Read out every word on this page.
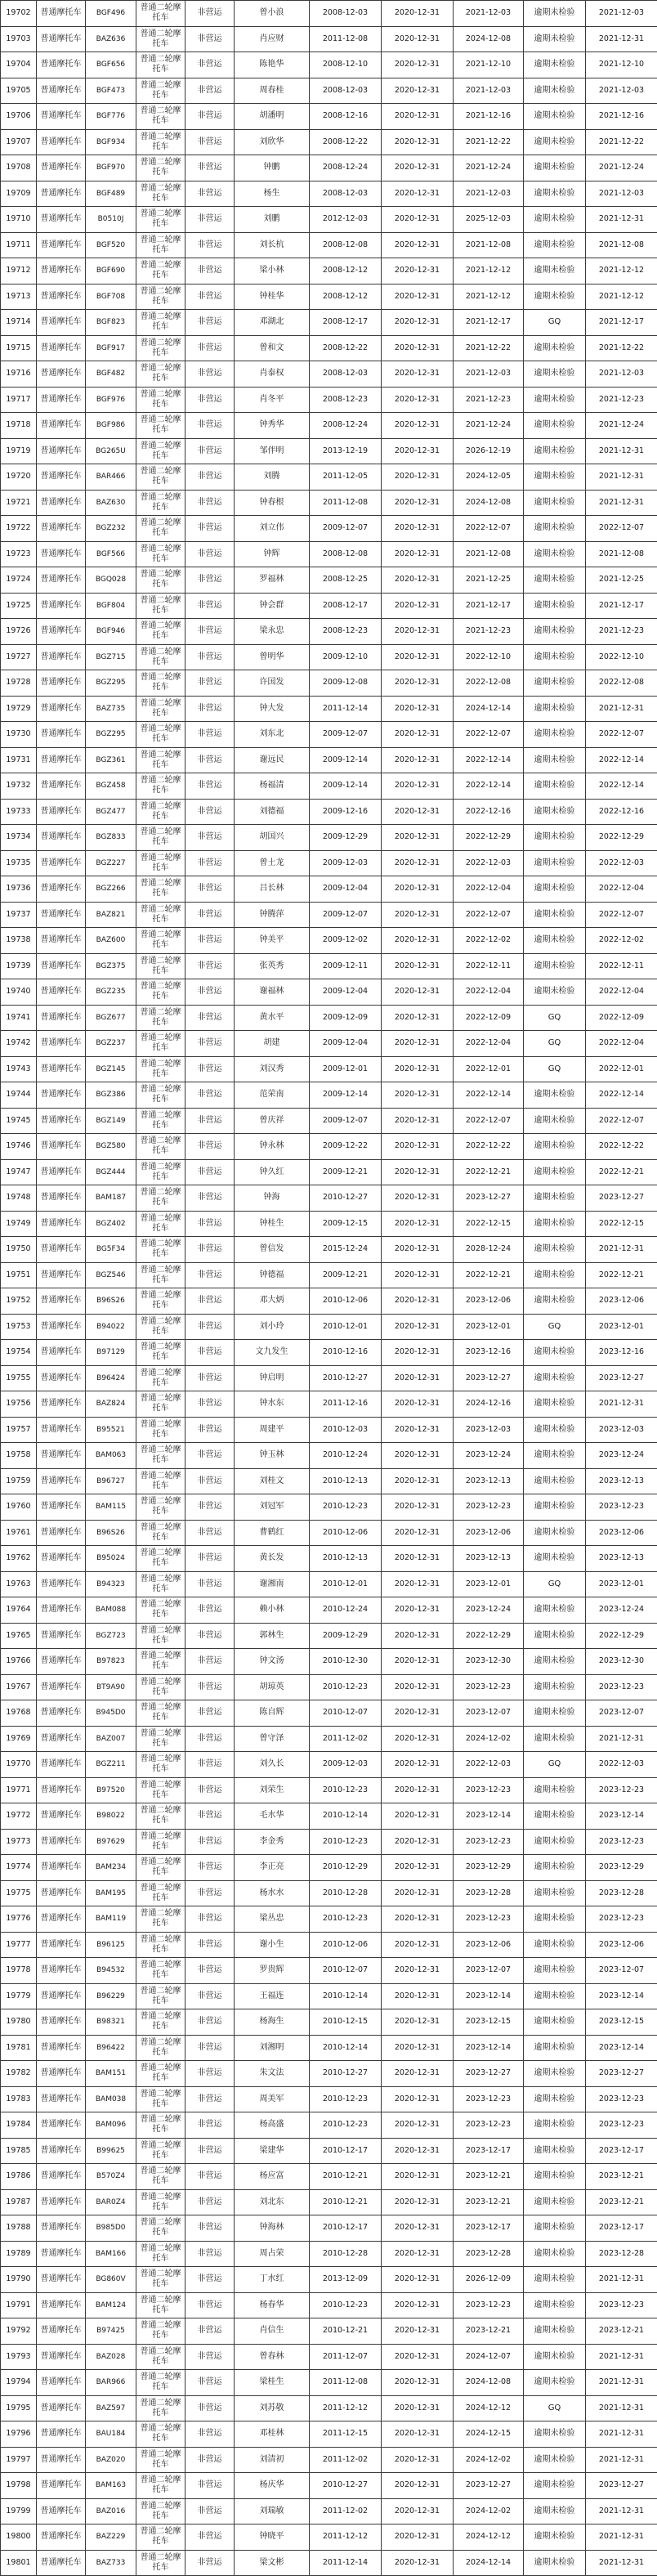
19702	普通摩托车	BGF496	普通二轮摩托车	非营运	曾小浪	2008-12-03	2020-12-31	2021-12-03	逾期未检验	2021-12-03
19703	普通摩托车	BAZ636	普通二轮摩托车	非营运	肖应财	2011-12-08	2020-12-31	2024-12-08	逾期未检验	2021-12-31
19704	普通摩托车	BGF656	普通二轮摩托车	非营运	陈艳华	2008-12-10	2020-12-31	2021-12-10	逾期未检验	2021-12-10
19705	普通摩托车	BGF473	普通二轮摩托车	非营运	周春桂	2008-12-03	2020-12-31	2021-12-03	逾期未检验	2021-12-03
19706	普通摩托车	BGF776	普通二轮摩托车	非营运	胡潘明	2008-12-16	2020-12-31	2021-12-16	逾期未检验	2021-12-16
19707	普通摩托车	BGF934	普通二轮摩托车	非营运	刘欣华	2008-12-22	2020-12-31	2021-12-22	逾期未检验	2021-12-22
19708	普通摩托车	BGF970	普通二轮摩托车	非营运	钟鹏	2008-12-24	2020-12-31	2021-12-24	逾期未检验	2021-12-24
19709	普通摩托车	BGF489	普通二轮摩托车	非营运	杨生	2008-12-03	2020-12-31	2021-12-03	逾期未检验	2021-12-03
19710	普通摩托车	B0510J	普通二轮摩托车	非营运	刘鹏	2012-12-03	2020-12-31	2025-12-03	逾期未检验	2021-12-31
19711	普通摩托车	BGF520	普通二轮摩托车	非营运	刘长杭	2008-12-08	2020-12-31	2021-12-08	逾期未检验	2021-12-08
19712	普通摩托车	BGF690	普通二轮摩托车	非营运	梁小林	2008-12-12	2020-12-31	2021-12-12	逾期未检验	2021-12-12
19713	普通摩托车	BGF708	普通二轮摩托车	非营运	钟桂华	2008-12-12	2020-12-31	2021-12-12	逾期未检验	2021-12-12
19714	普通摩托车	BGF823	普通二轮摩托车	非营运	邓湖北	2008-12-17	2020-12-31	2021-12-17	GQ	2021-12-17
19715	普通摩托车	BGF917	普通二轮摩托车	非营运	曾和文	2008-12-22	2020-12-31	2021-12-22	逾期未检验	2021-12-22
19716	普通摩托车	BGF482	普通二轮摩托车	非营运	肖泰权	2008-12-03	2020-12-31	2021-12-03	逾期未检验	2021-12-03
19717	普通摩托车	BGF976	普通二轮摩托车	非营运	肖冬平	2008-12-23	2020-12-31	2021-12-23	逾期未检验	2021-12-23
19718	普通摩托车	BGF986	普通二轮摩托车	非营运	钟秀华	2008-12-24	2020-12-31	2021-12-24	逾期未检验	2021-12-24
19719	普通摩托车	BG265U	普通二轮摩托车	非营运	邹伴明	2013-12-19	2020-12-31	2026-12-19	逾期未检验	2021-12-31
19720	普通摩托车	BAR466	普通二轮摩托车	非营运	刘腾	2011-12-05	2020-12-31	2024-12-05	逾期未检验	2021-12-31
19721	普通摩托车	BAZ630	普通二轮摩托车	非营运	钟春根	2011-12-08	2020-12-31	2024-12-08	逾期未检验	2021-12-31
19722	普通摩托车	BGZ232	普通二轮摩托车	非营运	刘立伟	2009-12-07	2020-12-31	2022-12-07	逾期未检验	2022-12-07
19723	普通摩托车	BGF566	普通二轮摩托车	非营运	钟辉	2008-12-08	2020-12-31	2021-12-08	逾期未检验	2021-12-08
19724	普通摩托车	BGQ028	普通二轮摩托车	非营运	罗福林	2008-12-25	2020-12-31	2021-12-25	逾期未检验	2021-12-25
19725	普通摩托车	BGF804	普通二轮摩托车	非营运	钟会群	2008-12-17	2020-12-31	2021-12-17	逾期未检验	2021-12-17
19726	普通摩托车	BGF946	普通二轮摩托车	非营运	梁永忠	2008-12-23	2020-12-31	2021-12-23	逾期未检验	2021-12-23
19727	普通摩托车	BGZ715	普通二轮摩托车	非营运	曾明华	2009-12-10	2020-12-31	2022-12-10	逾期未检验	2022-12-10
19728	普通摩托车	BGZ295	普通二轮摩托车	非营运	许国发	2009-12-08	2020-12-31	2022-12-08	逾期未检验	2022-12-08
19729	普通摩托车	BAZ735	普通二轮摩托车	非营运	钟大发	2011-12-14	2020-12-31	2024-12-14	逾期未检验	2021-12-31
19730	普通摩托车	BGZ295	普通二轮摩托车	非营运	刘东北	2009-12-07	2020-12-31	2022-12-07	逾期未检验	2022-12-07
19731	普通摩托车	BGZ361	普通二轮摩托车	非营运	谢远民	2009-12-14	2020-12-31	2022-12-14	逾期未检验	2022-12-14
19732	普通摩托车	BGZ458	普通二轮摩托车	非营运	杨福清	2009-12-14	2020-12-31	2022-12-14	逾期未检验	2022-12-14
19733	普通摩托车	BGZ477	普通二轮摩托车	非营运	刘德福	2009-12-16	2020-12-31	2022-12-16	逾期未检验	2022-12-16
19734	普通摩托车	BGZ833	普通二轮摩托车	非营运	胡国兴	2009-12-29	2020-12-31	2022-12-29	逾期未检验	2022-12-29
19735	普通摩托车	BGZ227	普通二轮摩托车	非营运	曾土龙	2009-12-03	2020-12-31	2022-12-03	逾期未检验	2022-12-03
19736	普通摩托车	BGZ266	普通二轮摩托车	非营运	吕长林	2009-12-04	2020-12-31	2022-12-04	逾期未检验	2022-12-04
19737	普通摩托车	BAZ821	普通二轮摩托车	非营运	钟腾萍	2009-12-07	2020-12-31	2022-12-07	逾期未检验	2022-12-07
19738	普通摩托车	BAZ600	普通二轮摩托车	非营运	钟美平	2009-12-02	2020-12-31	2022-12-02	逾期未检验	2022-12-02
19739	普通摩托车	BGZ375	普通二轮摩托车	非营运	张英秀	2009-12-11	2020-12-31	2022-12-11	逾期未检验	2022-12-11
19740	普通摩托车	BGZ235	普通二轮摩托车	非营运	谢福林	2009-12-04	2020-12-31	2022-12-04	逾期未检验	2022-12-04
19741	普通摩托车	BGZ677	普通二轮摩托车	非营运	黄水平	2009-12-09	2020-12-31	2022-12-09	GQ	2022-12-09
19742	普通摩托车	BGZ237	普通二轮摩托车	非营运	胡建	2009-12-04	2020-12-31	2022-12-04	GQ	2022-12-04
19743	普通摩托车	BGZ145	普通二轮摩托车	非营运	刘汉秀	2009-12-01	2020-12-31	2022-12-01	GQ	2022-12-01
19744	普通摩托车	BGZ386	普通二轮摩托车	非营运	范荣南	2009-12-14	2020-12-31	2022-12-14	逾期未检验	2022-12-14
19745	普通摩托车	BGZ149	普通二轮摩托车	非营运	曾庆祥	2009-12-07	2020-12-31	2022-12-07	逾期未检验	2022-12-07
19746	普通摩托车	BGZ580	普通二轮摩托车	非营运	钟永林	2009-12-22	2020-12-31	2022-12-22	逾期未检验	2022-12-22
19747	普通摩托车	BGZ444	普通二轮摩托车	非营运	钟久红	2009-12-21	2020-12-31	2022-12-21	逾期未检验	2022-12-21
19748	普通摩托车	BAM187	普通二轮摩托车	非营运	钟海	2010-12-27	2020-12-31	2023-12-27	逾期未检验	2023-12-27
19749	普通摩托车	BGZ402	普通二轮摩托车	非营运	钟桂生	2009-12-15	2020-12-31	2022-12-15	逾期未检验	2022-12-15
19750	普通摩托车	BG5F34	普通二轮摩托车	非营运	曾信发	2015-12-24	2020-12-31	2028-12-24	逾期未检验	2021-12-31
19751	普通摩托车	BGZ546	普通二轮摩托车	非营运	钟德福	2009-12-21	2020-12-31	2022-12-21	逾期未检验	2022-12-21
19752	普通摩托车	B96S26	普通二轮摩托车	非营运	邓大炳	2010-12-06	2020-12-31	2023-12-06	逾期未检验	2023-12-06
19753	普通摩托车	B94022	普通二轮摩托车	非营运	刘小玲	2010-12-01	2020-12-31	2023-12-01	GQ	2023-12-01
19754	普通摩托车	B97129	普通二轮摩托车	非营运	文九发生	2010-12-16	2020-12-31	2023-12-16	逾期未检验	2023-12-16
19755	普通摩托车	B96424	普通二轮摩托车	非营运	钟启明	2010-12-27	2020-12-31	2023-12-27	逾期未检验	2023-12-27
19756	普通摩托车	BAZ824	普通二轮摩托车	非营运	钟水东	2011-12-16	2020-12-31	2024-12-16	逾期未检验	2021-12-31
19757	普通摩托车	B95521	普通二轮摩托车	非营运	周建平	2010-12-03	2020-12-31	2023-12-03	逾期未检验	2023-12-03
19758	普通摩托车	BAM063	普通二轮摩托车	非营运	钟玉林	2010-12-24	2020-12-31	2023-12-24	逾期未检验	2023-12-24
19759	普通摩托车	B96727	普通二轮摩托车	非营运	刘桂文	2010-12-13	2020-12-31	2023-12-13	逾期未检验	2023-12-13
19760	普通摩托车	BAM115	普通二轮摩托车	非营运	刘冠军	2010-12-23	2020-12-31	2023-12-23	逾期未检验	2023-12-23
19761	普通摩托车	B96S26	普通二轮摩托车	非营运	曹鹤红	2010-12-06	2020-12-31	2023-12-06	逾期未检验	2023-12-06
19762	普通摩托车	B95024	普通二轮摩托车	非营运	黄长发	2010-12-13	2020-12-31	2023-12-13	逾期未检验	2023-12-13
19763	普通摩托车	B94323	普通二轮摩托车	非营运	谢湘南	2010-12-01	2020-12-31	2023-12-01	GQ	2023-12-01
19764	普通摩托车	BAM088	普通二轮摩托车	非营运	赖小林	2010-12-24	2020-12-31	2023-12-24	逾期未检验	2023-12-24
19765	普通摩托车	BGZ723	普通二轮摩托车	非营运	郭林生	2009-12-29	2020-12-31	2022-12-29	逾期未检验	2022-12-29
19766	普通摩托车	B97823	普通二轮摩托车	非营运	钟文汤	2010-12-30	2020-12-31	2023-12-30	逾期未检验	2023-12-30
19767	普通摩托车	BT9A90	普通二轮摩托车	非营运	胡琼英	2010-12-23	2020-12-31	2023-12-23	逾期未检验	2023-12-23
19768	普通摩托车	B945D0	普通二轮摩托车	非营运	陈自辉	2010-12-07	2020-12-31	2023-12-07	逾期未检验	2023-12-07
19769	普通摩托车	BAZ007	普通二轮摩托车	非营运	曾守泽	2011-12-02	2020-12-31	2024-12-02	逾期未检验	2021-12-31
19770	普通摩托车	BGZ211	普通二轮摩托车	非营运	刘久长	2009-12-03	2020-12-31	2022-12-03	GQ	2022-12-03
19771	普通摩托车	B97520	普通二轮摩托车	非营运	刘荣生	2010-12-23	2020-12-31	2023-12-23	逾期未检验	2023-12-23
19772	普通摩托车	B98022	普通二轮摩托车	非营运	毛水华	2010-12-14	2020-12-31	2023-12-14	逾期未检验	2023-12-14
19773	普通摩托车	B97629	普通二轮摩托车	非营运	李金秀	2010-12-23	2020-12-31	2023-12-23	逾期未检验	2023-12-23
19774	普通摩托车	BAM234	普通二轮摩托车	非营运	李正亮	2010-12-29	2020-12-31	2023-12-29	逾期未检验	2023-12-29
19775	普通摩托车	BAM195	普通二轮摩托车	非营运	杨水水	2010-12-28	2020-12-31	2023-12-28	逾期未检验	2023-12-28
19776	普通摩托车	BAM119	普通二轮摩托车	非营运	梁丛忠	2010-12-23	2020-12-31	2023-12-23	逾期未检验	2023-12-23
19777	普通摩托车	B96125	普通二轮摩托车	非营运	谢小生	2010-12-06	2020-12-31	2023-12-06	逾期未检验	2023-12-06
19778	普通摩托车	B94532	普通二轮摩托车	非营运	罗贵辉	2010-12-07	2020-12-31	2023-12-07	逾期未检验	2023-12-07
19779	普通摩托车	B96229	普通二轮摩托车	非营运	王福连	2010-12-14	2020-12-31	2023-12-14	逾期未检验	2023-12-14
19780	普通摩托车	B98321	普通二轮摩托车	非营运	杨海生	2010-12-15	2020-12-31	2023-12-15	逾期未检验	2023-12-15
19781	普通摩托车	B96422	普通二轮摩托车	非营运	刘湘明	2010-12-14	2020-12-31	2023-12-14	逾期未检验	2023-12-14
19782	普通摩托车	BAM151	普通二轮摩托车	非营运	朱文法	2010-12-27	2020-12-31	2023-12-27	逾期未检验	2023-12-27
19783	普通摩托车	BAM038	普通二轮摩托车	非营运	周美军	2010-12-23	2020-12-31	2023-12-23	逾期未检验	2023-12-23
19784	普通摩托车	BAM096	普通二轮摩托车	非营运	杨高盛	2010-12-23	2020-12-31	2023-12-23	逾期未检验	2023-12-23
19785	普通摩托车	B99625	普通二轮摩托车	非营运	梁建华	2010-12-17	2020-12-31	2023-12-17	逾期未检验	2023-12-17
19786	普通摩托车	B570Z4	普通二轮摩托车	非营运	杨应富	2010-12-21	2020-12-31	2023-12-21	逾期未检验	2023-12-21
19787	普通摩托车	BAR0Z4	普通二轮摩托车	非营运	刘北东	2010-12-21	2020-12-31	2023-12-21	逾期未检验	2023-12-21
19788	普通摩托车	B985D0	普通二轮摩托车	非营运	钟海林	2010-12-17	2020-12-31	2023-12-17	逾期未检验	2023-12-17
19789	普通摩托车	BAM166	普通二轮摩托车	非营运	周占荣	2010-12-28	2020-12-31	2023-12-28	逾期未检验	2023-12-28
19790	普通摩托车	BG860V	普通二轮摩托车	非营运	丁水红	2013-12-09	2020-12-31	2026-12-09	逾期未检验	2021-12-31
19791	普通摩托车	BAM124	普通二轮摩托车	非营运	杨春华	2010-12-23	2020-12-31	2023-12-23	逾期未检验	2023-12-23
19792	普通摩托车	B97425	普通二轮摩托车	非营运	肖信生	2010-12-21	2020-12-31	2023-12-21	逾期未检验	2023-12-21
19793	普通摩托车	BAZ028	普通二轮摩托车	非营运	曾春林	2011-12-07	2020-12-31	2024-12-07	逾期未检验	2021-12-31
19794	普通摩托车	BAR966	普通二轮摩托车	非营运	梁桂生	2011-12-08	2020-12-31	2024-12-08	逾期未检验	2021-12-31
19795	普通摩托车	BAZ597	普通二轮摩托车	非营运	刘苏敬	2011-12-12	2020-12-31	2024-12-12	GQ	2021-12-31
19796	普通摩托车	BAU184	普通二轮摩托车	非营运	邓桂林	2011-12-15	2020-12-31	2024-12-15	逾期未检验	2021-12-31
19797	普通摩托车	BAZ020	普通二轮摩托车	非营运	刘清初	2011-12-02	2020-12-31	2024-12-02	逾期未检验	2021-12-31
19798	普通摩托车	BAM163	普通二轮摩托车	非营运	杨庆华	2010-12-27	2020-12-31	2023-12-27	逾期未检验	2023-12-27
19799	普通摩托车	BAZ016	普通二轮摩托车	非营运	刘瑞敏	2011-12-02	2020-12-31	2024-12-02	逾期未检验	2021-12-31
19800	普通摩托车	BAZ229	普通二轮摩托车	非营运	钟晓平	2011-12-12	2020-12-31	2024-12-12	逾期未检验	2021-12-31
19801	普通摩托车	BAZ733	普通二轮摩托车	非营运	梁文彬	2011-12-14	2020-12-31	2024-12-14	逾期未检验	2021-12-31
